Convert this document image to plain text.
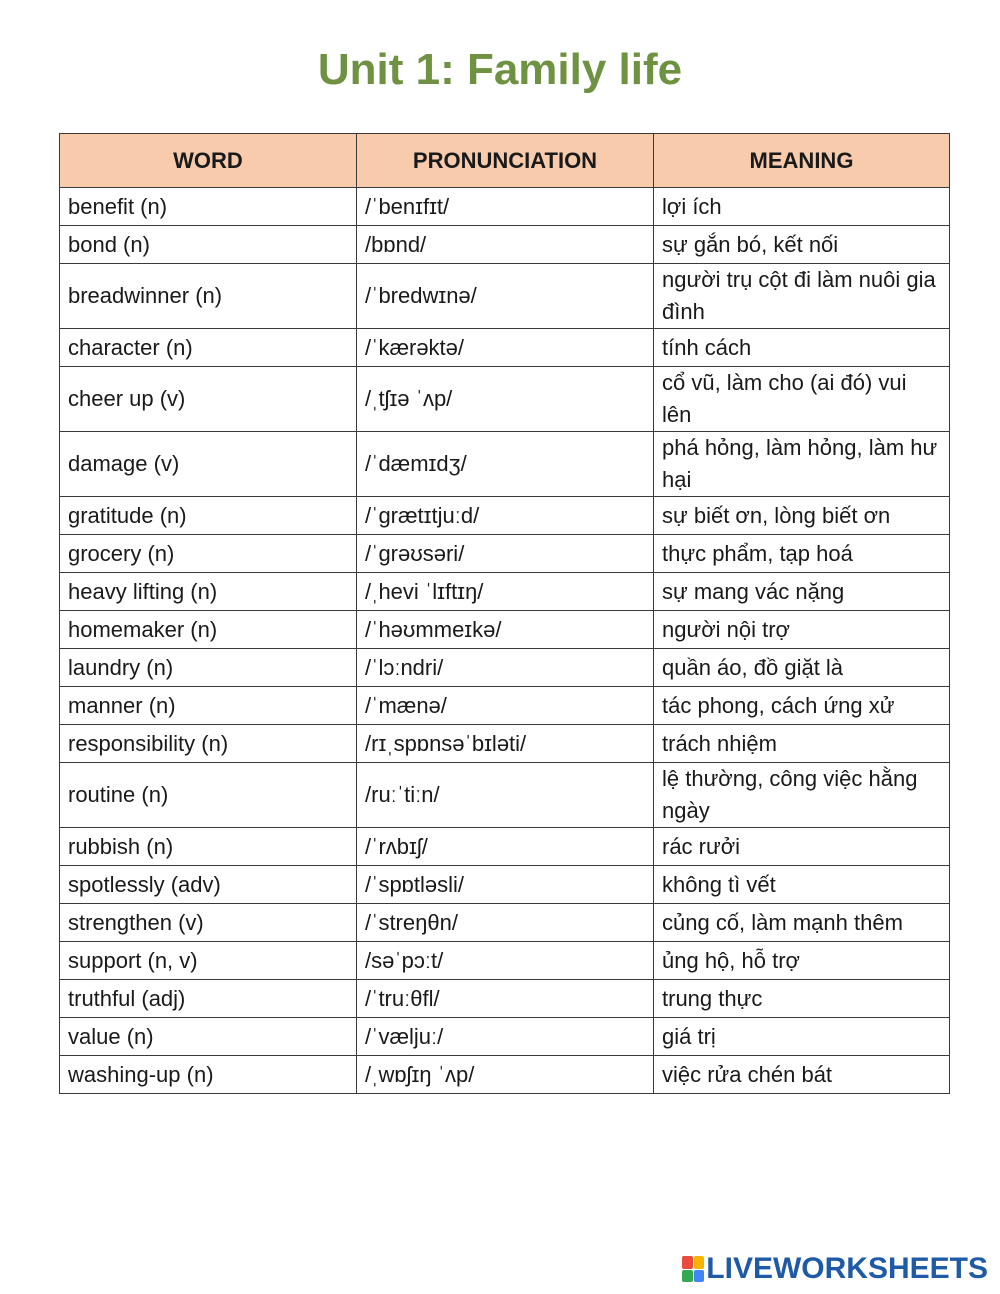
Unit 1: Family life
WORD	PRONUNCIATION	MEANING
benefit (n)	/ˈbenɪfɪt/	lợi ích
bond (n)	/bɒnd/	sự gắn bó, kết nối
breadwinner (n)	/ˈbredwɪnə/	người trụ cột đi làm nuôi gia đình
character (n)	/ˈkærəktə/	tính cách
cheer up (v)	/ˌtʃɪə ˈʌp/	cổ vũ, làm cho (ai đó) vui lên
damage (v)	/ˈdæmɪdʒ/	phá hỏng, làm hỏng, làm hư hại
gratitude (n)	/ˈɡrætɪtjuːd/	sự biết ơn, lòng biết ơn
grocery (n)	/ˈɡrəʊsəri/	thực phẩm, tạp hoá
heavy lifting (n)	/ˌhevi ˈlɪftɪŋ/	sự mang vác nặng
homemaker (n)	/ˈhəʊmmeɪkə/	người nội trợ
laundry (n)	/ˈlɔːndri/	quần áo, đồ giặt là
manner (n)	/ˈmænə/	tác phong, cách ứng xử
responsibility (n)	/rɪˌspɒnsəˈbɪləti/	trách nhiệm
routine (n)	/ruːˈtiːn/	lệ thường, công việc hằng ngày
rubbish (n)	/ˈrʌbɪʃ/	rác rưởi
spotlessly (adv)	/ˈspɒtləsli/	không tì vết
strengthen (v)	/ˈstreŋθn/	củng cố, làm mạnh thêm
support (n, v)	/səˈpɔːt/	ủng hộ, hỗ trợ
truthful (adj)	/ˈtruːθfl/	trung thực
value (n)	/ˈvæljuː/	giá trị
washing-up (n)	/ˌwɒʃɪŋ ˈʌp/	việc rửa chén bát
LIVEWORKSHEETS
